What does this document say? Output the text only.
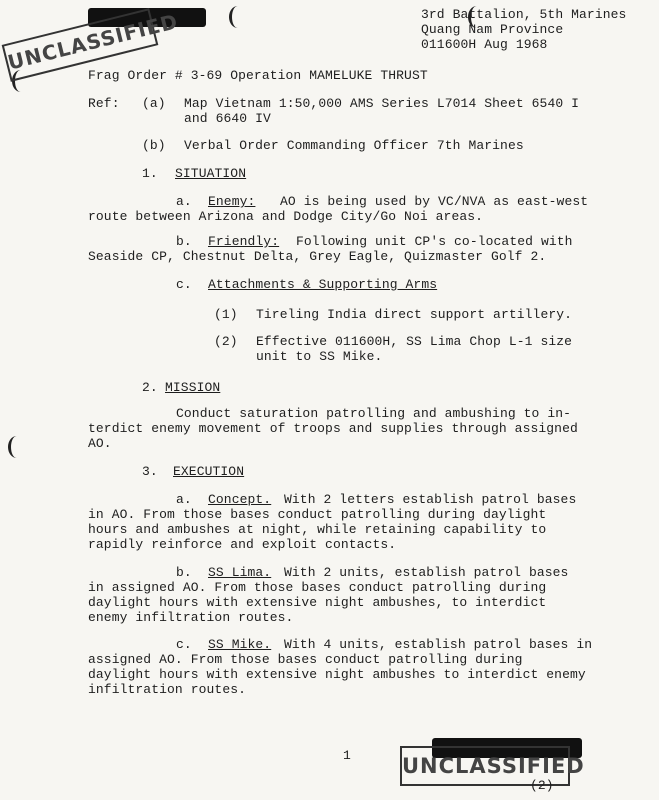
UNCLASSIFIED
UNCLASSIFIED
(2)
3rd Battalion, 5th Marines
Quang Nam Province
011600H Aug 1968
Frag Order # 3-69 Operation MAMELUKE THRUST
Ref: (a) Map Vietnam 1:50,000 AMS Series L7014 Sheet 6540 I
and 6640 IV
(b) Verbal Order Commanding Officer 7th Marines
1. SITUATION
a. Enemy: AO is being used by VC/NVA as east-west
route between Arizona and Dodge City/Go Noi areas.
b. Friendly: Following unit CP's co-located with
Seaside CP, Chestnut Delta, Grey Eagle, Quizmaster Golf 2.
c. Attachments & Supporting Arms
(1) Tireling India direct support artillery.
(2) Effective 011600H, SS Lima Chop L-1 size
unit to SS Mike.
2. MISSION
Conduct saturation patrolling and ambushing to in-
terdict enemy movement of troops and supplies through assigned
AO.
3. EXECUTION
a. Concept. With 2 letters establish patrol bases
in AO. From those bases conduct patrolling during daylight
hours and ambushes at night, while retaining capability to
rapidly reinforce and exploit contacts.
b. SS Lima. With 2 units, establish patrol bases
in assigned AO. From those bases conduct patrolling during
daylight hours with extensive night ambushes, to interdict
enemy infiltration routes.
c. SS Mike. With 4 units, establish patrol bases in
assigned AO. From those bases conduct patrolling during
daylight hours with extensive night ambushes to interdict enemy
infiltration routes.
1
